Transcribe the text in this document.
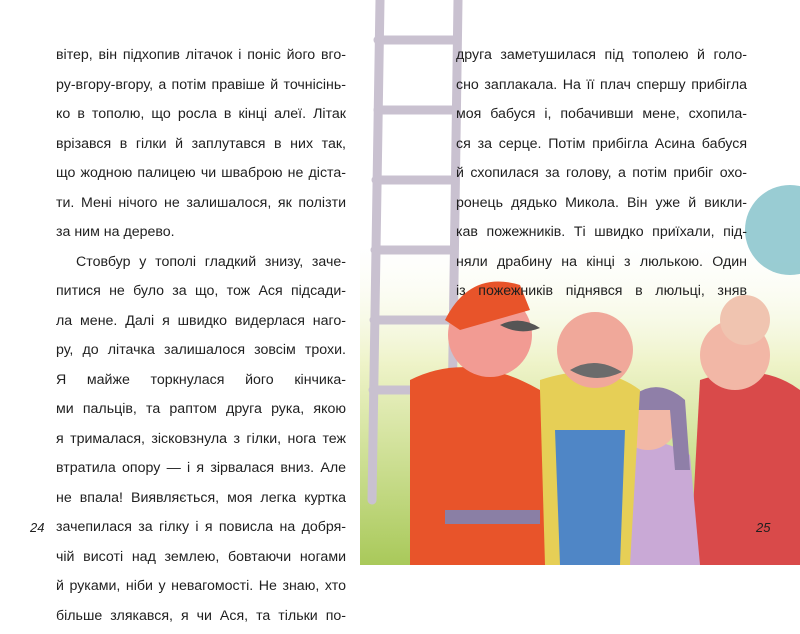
вітер, він підхопив літачок і поніс його вго-
ру-вгору-вгору, а потім правіше й точнісінь-
ко в тополю, що росла в кінці алеї. Літак
врізався в гілки й заплутався в них так,
що жодною палицею чи шваброю не діста-
ти. Мені нічого не залишалося, як полізти
за ним на дерево.
Стовбур у тополі гладкий знизу, заче-
питися не було за що, тож Ася підсади-
ла мене. Далі я швидко видерлася наго-
ру, до літачка залишалося зовсім трохи.
Я майже торкнулася його кінчика-
ми пальців, та раптом друга рука, якою
я трималася, зісковзнула з гілки, нога теж
втратила опору — і я зірвалася вниз. Але
не впала! Виявляється, моя легка куртка
зачепилася за гілку і я повисла на добря-
чій висоті над землею, бовтаючи ногами
й руками, ніби у невагомості. Не знаю, хто
більше злякався, я чи Ася, та тільки по-
друга заметушилася під тополею й голо-
сно заплакала. На її плач спершу прибігла
моя бабуся і, побачивши мене, схопила-
ся за серце. Потім прибігла Асина бабуся
й схопилася за голову, а потім прибіг охо-
ронець дядько Микола. Він уже й викли-
кав пожежників. Ті швидко приїхали, під-
няли драбину на кінці з люлькою. Один
із пожежників піднявся в люльці, зняв
24	25
